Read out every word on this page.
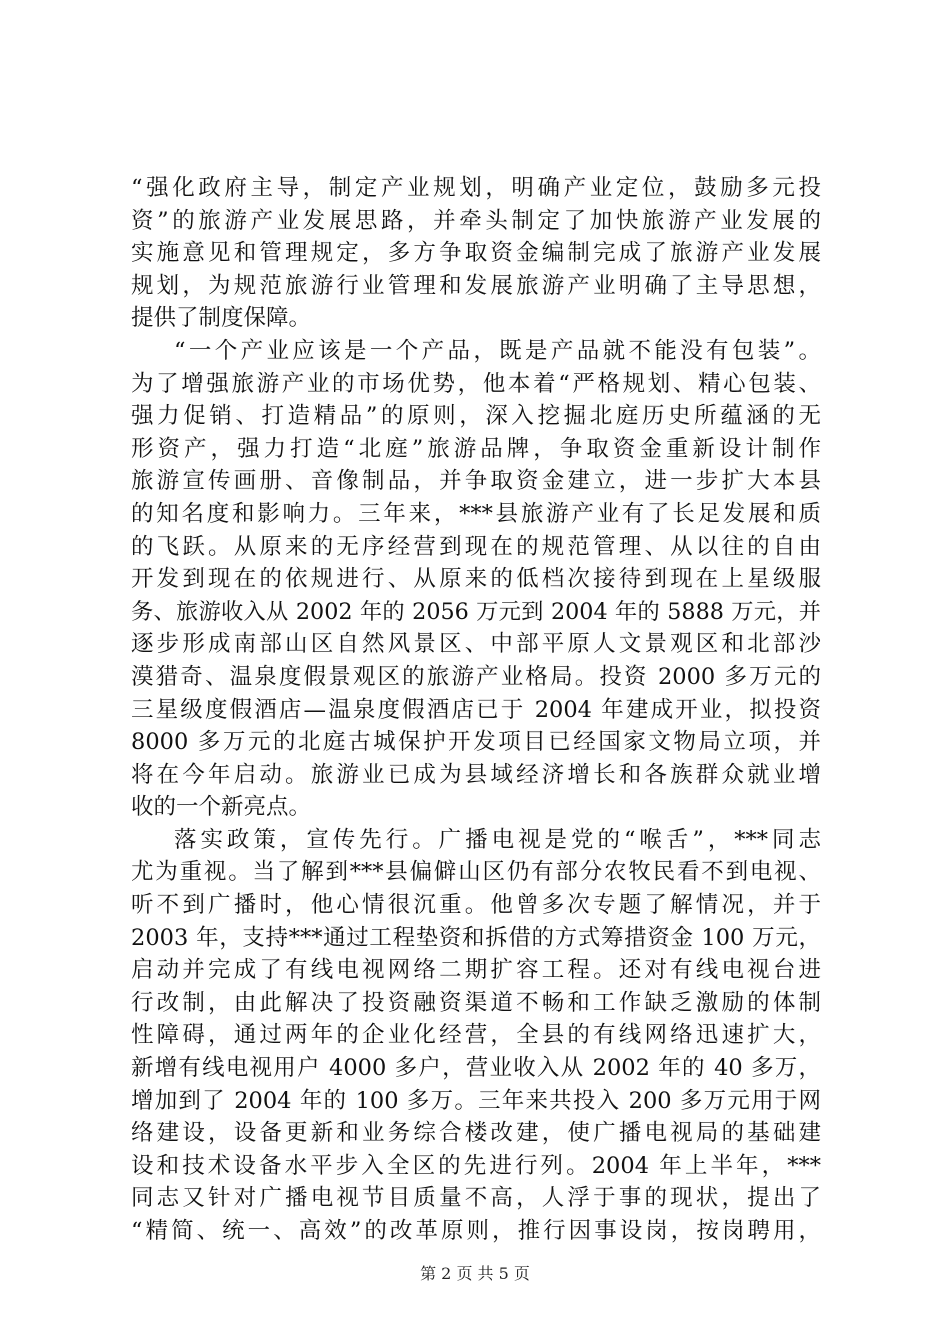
“强化政府主导，制定产业规划，明确产业定位，鼓励多元投
资”的旅游产业发展思路，并牵头制定了加快旅游产业发展的
实施意见和管理规定，多方争取资金编制完成了旅游产业发展
规划，为规范旅游行业管理和发展旅游产业明确了主导思想，
提供了制度保障。
“一个产业应该是一个产品，既是产品就不能没有包装”。
为了增强旅游产业的市场优势，他本着“严格规划、精心包装、
强力促销、打造精品”的原则，深入挖掘北庭历史所蕴涵的无
形资产，强力打造“北庭”旅游品牌，争取资金重新设计制作
旅游宣传画册、音像制品，并争取资金建立，进一步扩大本县
的知名度和影响力。三年来，***县旅游产业有了长足发展和质
的飞跃。从原来的无序经营到现在的规范管理、从以往的自由
开发到现在的依规进行、从原来的低档次接待到现在上星级服
务、旅游收入从 2002 年的 2056 万元到 2004 年的 5888 万元，并
逐步形成南部山区自然风景区、中部平原人文景观区和北部沙
漠猎奇、温泉度假景观区的旅游产业格局。投资 2000 多万元的
三星级度假酒店—温泉度假酒店已于 2004 年建成开业，拟投资
8000 多万元的北庭古城保护开发项目已经国家文物局立项，并
将在今年启动。旅游业已成为县域经济增长和各族群众就业增
收的一个新亮点。
落实政策，宣传先行。广播电视是党的“喉舌”，***同志
尤为重视。当了解到***县偏僻山区仍有部分农牧民看不到电视、
听不到广播时，他心情很沉重。他曾多次专题了解情况，并于
2003 年，支持***通过工程垫资和拆借的方式筹措资金 100 万元，
启动并完成了有线电视网络二期扩容工程。还对有线电视台进
行改制，由此解决了投资融资渠道不畅和工作缺乏激励的体制
性障碍，通过两年的企业化经营，全县的有线网络迅速扩大，
新增有线电视用户 4000 多户，营业收入从 2002 年的 40 多万，
增加到了 2004 年的 100 多万。三年来共投入 200 多万元用于网
络建设，设备更新和业务综合楼改建，使广播电视局的基础建
设和技术设备水平步入全区的先进行列。2004 年上半年，***
同志又针对广播电视节目质量不高，人浮于事的现状，提出了
“精简、统一、高效”的改革原则，推行因事设岗，按岗聘用，
第 2 页 共 5 页
